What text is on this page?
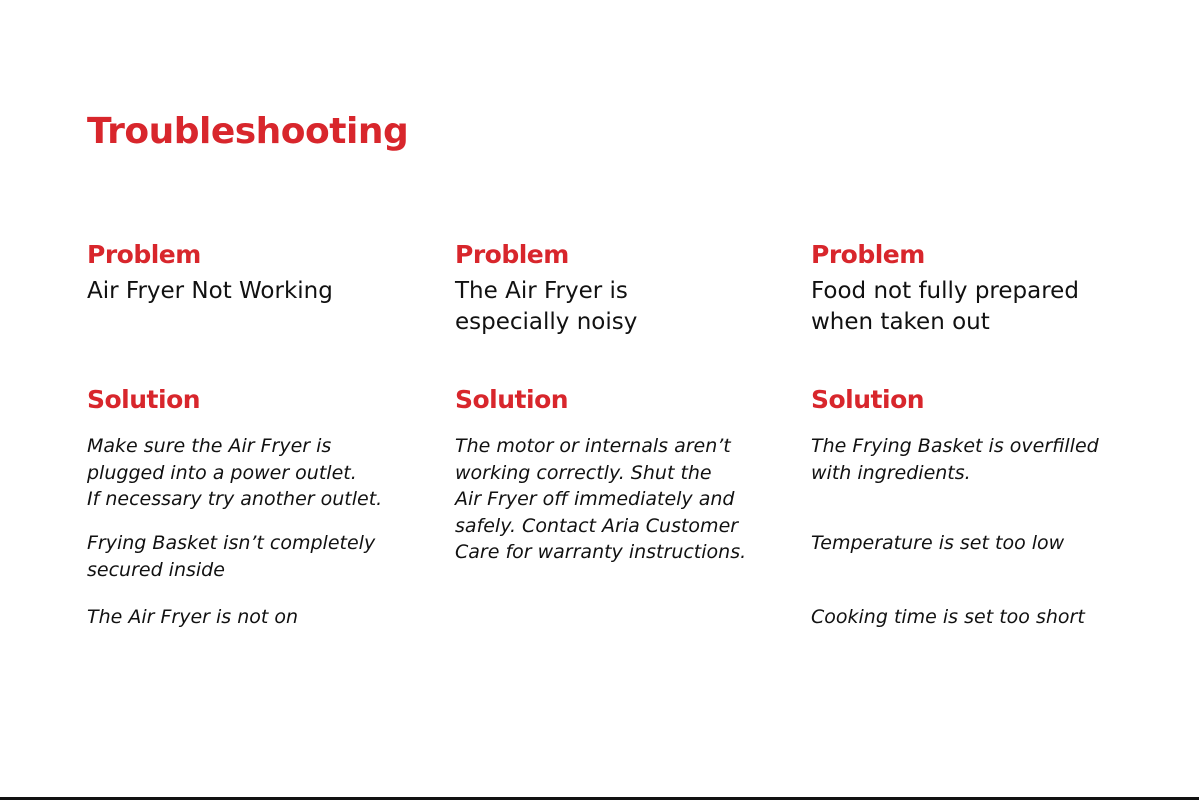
Troubleshooting
Problem

Air Fryer Not Working

Solution

Make sure the Air Fryer is
plugged into a power outlet.
If necessary try another outlet.

Frying Basket isn’t completely
secured inside

The Air Fryer is not on

Problem

The Air Fryer is
especially noisy

Solution

The motor or internals aren’t
working correctly. Shut the
Air Fryer off immediately and
safely. Contact Aria Customer
Care for warranty instructions.

Problem

Food not fully prepared
when taken out

Solution

The Frying Basket is overfilled
with ingredients.

Temperature is set too low

Cooking time is set too short
